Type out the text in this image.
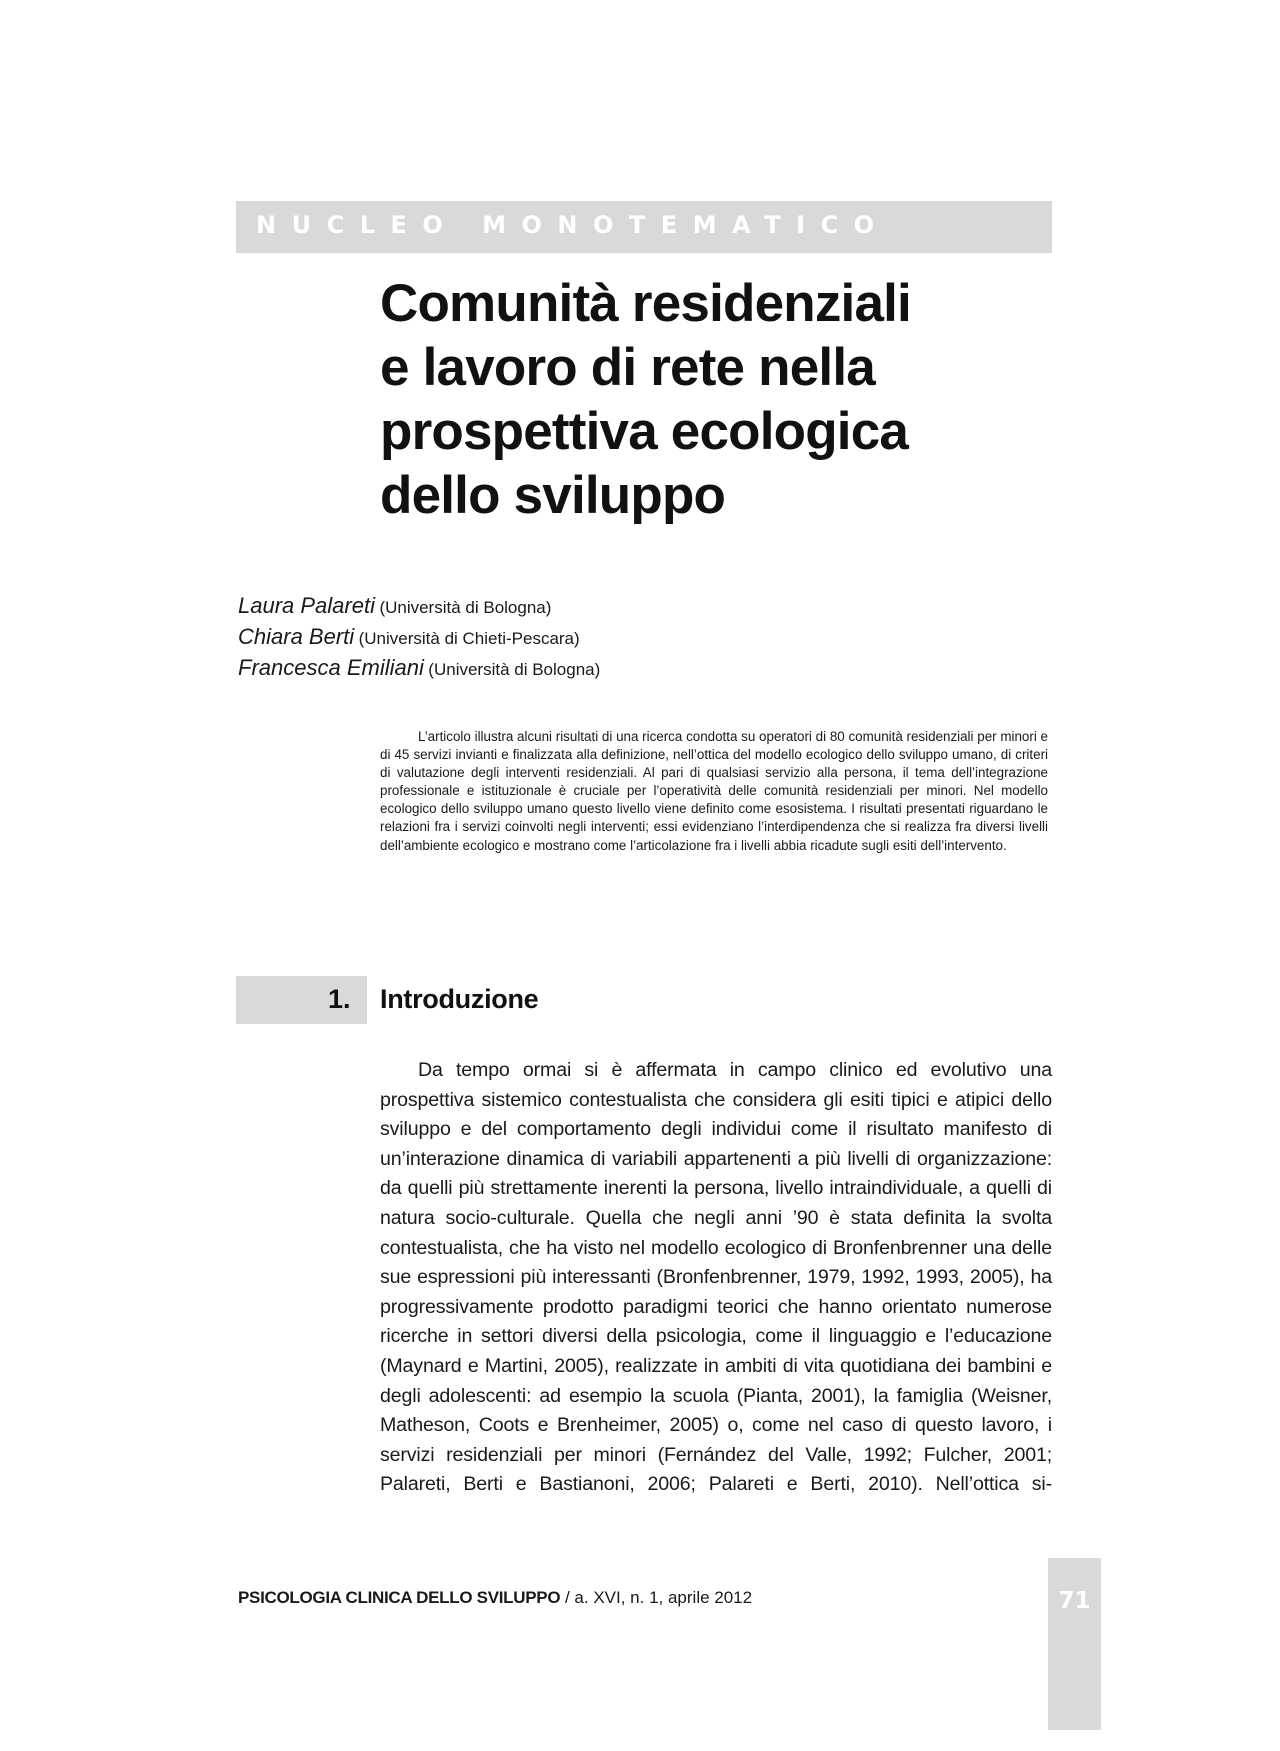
NUCLEO MONOTEMATICO
Comunità residenziali
e lavoro di rete nella
prospettiva ecologica
dello sviluppo
Laura Palareti (Università di Bologna)
Chiara Berti (Università di Chieti-Pescara)
Francesca Emiliani (Università di Bologna)

L’articolo illustra alcuni risultati di una ricerca condotta su operatori di 80 comunità residenziali per minori e di 45 servizi invianti e finalizzata alla definizione, nell’ottica del modello ecologico dello sviluppo umano, di criteri di valutazione degli interventi residenziali. Al pari di qualsiasi servizio alla persona, il tema dell’integrazione professionale e istituzionale è cruciale per l’operatività delle comunità residenziali per minori. Nel modello ecologico dello sviluppo umano questo livello viene definito come esosistema. I risultati presentati riguardano le relazioni fra i servizi coinvolti negli interventi; essi evidenziano l’interdipendenza che si realizza fra diversi livelli dell’ambiente ecologico e mostrano come l’articolazione fra i livelli abbia ricadute sugli esiti dell’intervento.

1. Introduzione

Da tempo ormai si è affermata in campo clinico ed evolutivo una prospettiva sistemico contestualista che considera gli esiti tipici e atipici dello sviluppo e del comportamento degli individui come il risultato manifesto di un’interazione dinamica di variabili appartenenti a più livelli di organizzazione: da quelli più strettamente inerenti la persona, livello intraindividuale, a quelli di natura socio-culturale. Quella che negli anni ’90 è stata definita la svolta contestualista, che ha visto nel modello ecologico di Bronfenbrenner una delle sue espressioni più interessanti (Bronfenbrenner, 1979, 1992, 1993, 2005), ha progressivamente prodotto paradigmi teorici che hanno orientato numerose ricerche in settori diversi della psicologia, come il linguaggio e l’educazione (Maynard e Martini, 2005), realizzate in ambiti di vita quotidiana dei bambini e degli adolescenti: ad esempio la scuola (Pianta, 2001), la famiglia (Weisner, Matheson, Coots e Brenheimer, 2005) o, come nel caso di questo lavoro, i servizi residenziali per minori (Fernández del Valle, 1992; Fulcher, 2001; Palareti, Berti e Bastianoni, 2006; Palareti e Berti, 2010). Nell’ottica si-

PSICOLOGIA CLINICA DELLO SVILUPPO / a. XVI, n. 1, aprile 2012	71
